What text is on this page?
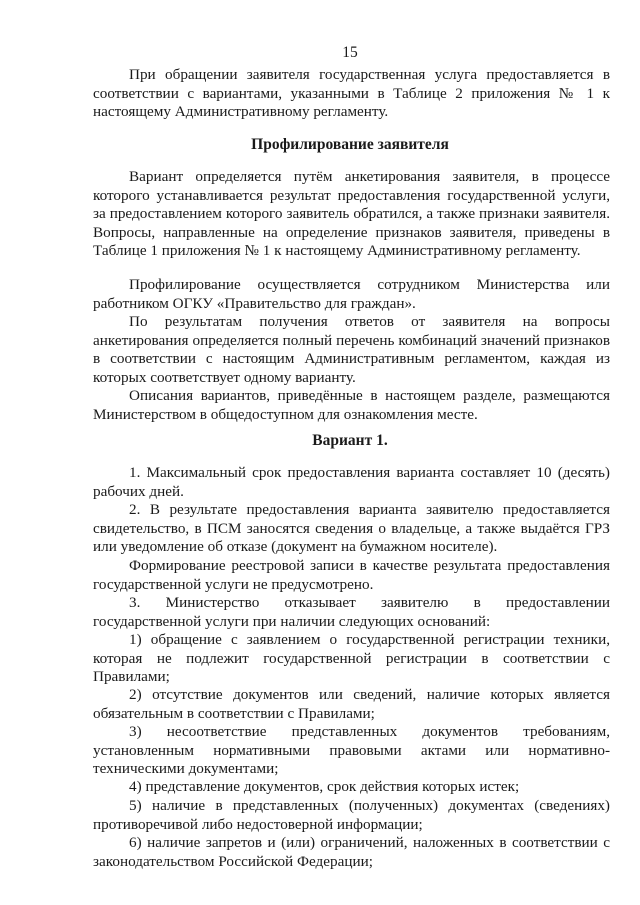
15

При обращении заявителя государственная услуга предоставляется в соответствии с вариантами, указанными в Таблице 2 приложения № 1 к настоящему Административному регламенту.

Профилирование заявителя

Вариант определяется путём анкетирования заявителя, в процессе которого устанавливается результат предоставления государственной услуги, за предоставлением которого заявитель обратился, а также признаки заявителя. Вопросы, направленные на определение признаков заявителя, приведены в Таблице 1 приложения № 1 к настоящему Административному регламенту.

Профилирование осуществляется сотрудником Министерства или работником ОГКУ «Правительство для граждан».

По результатам получения ответов от заявителя на вопросы анкетирования определяется полный перечень комбинаций значений признаков в соответствии с настоящим Административным регламентом, каждая из которых соответствует одному варианту.

Описания вариантов, приведённые в настоящем разделе, размещаются Министерством в общедоступном для ознакомления месте.

Вариант 1.

1. Максимальный срок предоставления варианта составляет 10 (десять) рабочих дней.

2. В результате предоставления варианта заявителю предоставляется свидетельство, в ПСМ заносятся сведения о владельце, а также выдаётся ГРЗ или уведомление об отказе (документ на бумажном носителе).

Формирование реестровой записи в качестве результата предоставления государственной услуги не предусмотрено.

3. Министерство отказывает заявителю в предоставлении государственной услуги при наличии следующих оснований:

1) обращение с заявлением о государственной регистрации техники, которая не подлежит государственной регистрации в соответствии с Правилами;

2) отсутствие документов или сведений, наличие которых является обязательным в соответствии с Правилами;

3) несоответствие представленных документов требованиям, установленным нормативными правовыми актами или нормативно-техническими документами;

4) представление документов, срок действия которых истек;

5) наличие в представленных (полученных) документах (сведениях) противоречивой либо недостоверной информации;

6) наличие запретов и (или) ограничений, наложенных в соответствии с законодательством Российской Федерации;
